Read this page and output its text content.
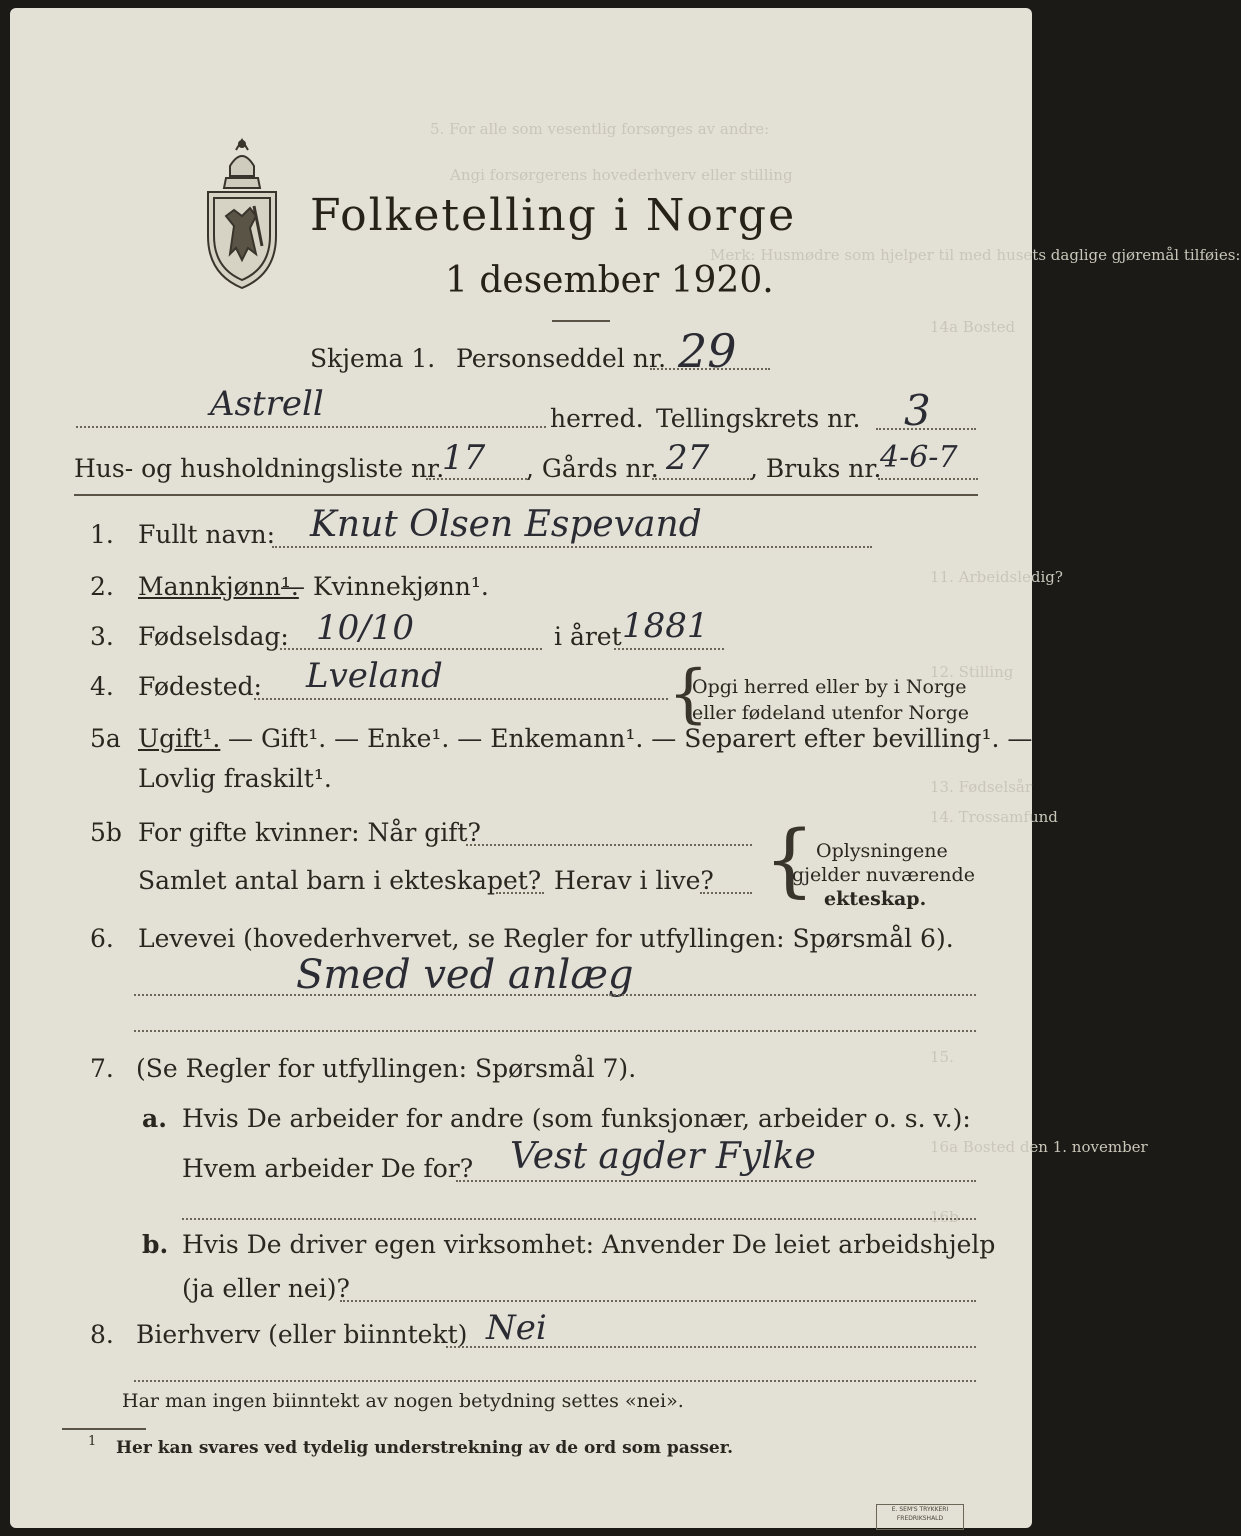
5. For alle som vesentlig forsørges av andre:
Angi forsørgerens hovederhverv eller stilling
Merk: Husmødre som hjelper til med husets daglige gjøremål tilføies:
14a Bosted
11. Arbeidsledig?
12. Stilling
13. Fødselsår
14. Trossamfund
15.
16a Bosted den 1. november
16b
Folketelling i Norge
1 desember 1920.
Skjema 1. Personseddel nr. 29
Astrell	herred. Tellingskrets nr. 3
Hus- og husholdningsliste nr.
17 , Gårds nr. 27 , Bruks nr.
4-6-7
1. Fullt navn: Knut Olsen Espevand
2. Mannkjønn¹.
— Kvinnekjønn¹.
3. Fødselsdag: 10/10	i året 1881
4. Fødested: Lveland	{
Opgi herred eller by i Norge
eller fødeland utenfor Norge
5a Ugift¹. — Gift¹. — Enke¹. — Enkemann¹. — Separert efter bevilling¹. —
Lovlig fraskilt¹.
5b For gifte kvinner: Når gift?
Samlet antal barn i ekteskapet? Herav i live? { Oplysningene
gjelder nuværende
ekteskap.
6. Levevei (hovederhvervet, se Regler for utfyllingen: Spørsmål 6).
Smed ved anlæg
7. (Se Regler for utfyllingen: Spørsmål 7).
a. Hvis De arbeider for andre (som funksjonær, arbeider o. s. v.):
Hvem arbeider De for? Vest agder Fylke
b. Hvis De driver egen virksomhet: Anvender De leiet arbeidshjelp
(ja eller nei)?
8. Bierhverv (eller biinntekt) Nei
Har man ingen biinntekt av nogen betydning settes «nei».
1 Her kan svares ved tydelig understrekning av de ord som passer.
E. SEM'S TRYKKERI
FREDRIKSHALD
